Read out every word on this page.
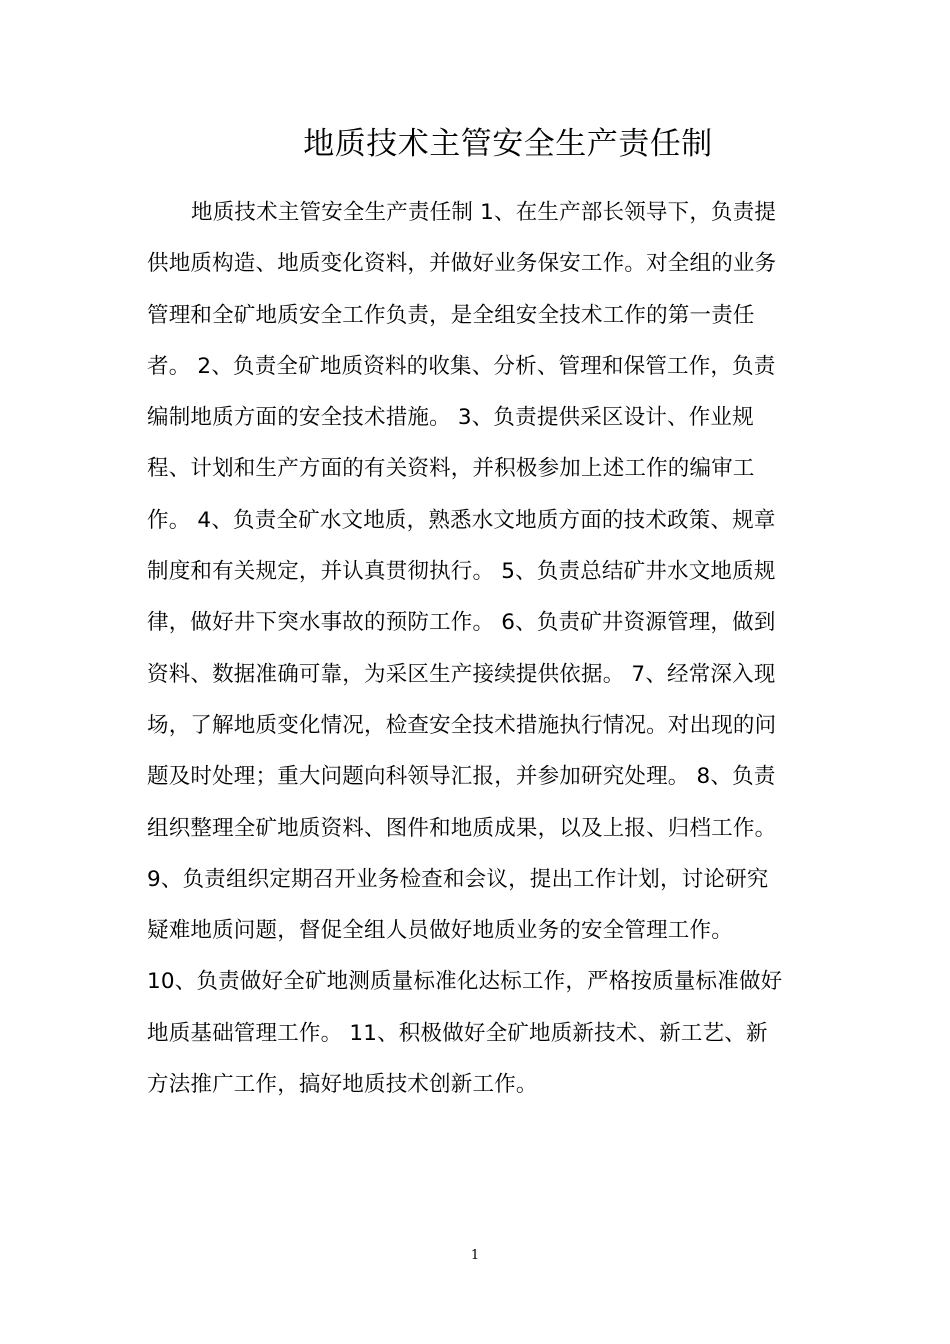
地质技术主管安全生产责任制
地质技术主管安全生产责任制 1、在生产部长领导下，负责提
供地质构造、地质变化资料，并做好业务保安工作。对全组的业务
管理和全矿地质安全工作负责，是全组安全技术工作的第一责任
者。 2、负责全矿地质资料的收集、分析、管理和保管工作，负责
编制地质方面的安全技术措施。 3、负责提供采区设计、作业规
程、计划和生产方面的有关资料，并积极参加上述工作的编审工
作。 4、负责全矿水文地质，熟悉水文地质方面的技术政策、规章
制度和有关规定，并认真贯彻执行。 5、负责总结矿井水文地质规
律，做好井下突水事故的预防工作。 6、负责矿井资源管理，做到
资料、数据准确可靠，为采区生产接续提供依据。 7、经常深入现
场，了解地质变化情况，检查安全技术措施执行情况。对出现的问
题及时处理；重大问题向科领导汇报，并参加研究处理。 8、负责
组织整理全矿地质资料、图件和地质成果，以及上报、归档工作。
9、负责组织定期召开业务检查和会议，提出工作计划，讨论研究
疑难地质问题，督促全组人员做好地质业务的安全管理工作。
10、负责做好全矿地测质量标准化达标工作，严格按质量标准做好
地质基础管理工作。 11、积极做好全矿地质新技术、新工艺、新
方法推广工作，搞好地质技术创新工作。
1
